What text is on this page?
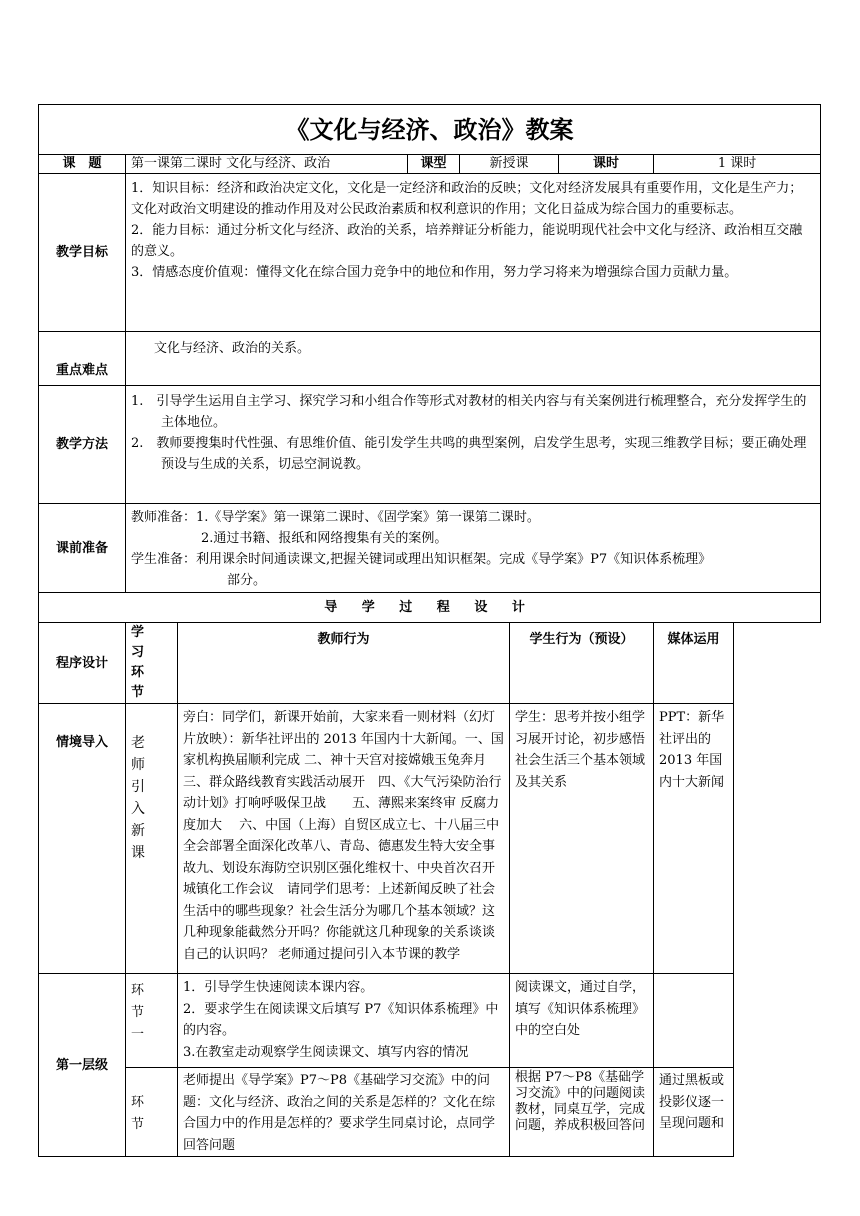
《文化与经济、政治》教案							
课　题	第一课第二课时 文化与经济、政治		课型	新授课		课时	1 课时
教学目标	1．知识目标：经济和政治决定文化，文化是一定经济和政治的反映；文化对经济发展具有重要作用，文化是生产力；文化对政治文明建设的推动作用及对公民政治素质和权利意识的作用；文化日益成为综合国力的重要标志。

2．能力目标：通过分析文化与经济、政治的关系，培养辩证分析能力，能说明现代社会中文化与经济、政治相互交融的意义。

3．情感态度价值观：懂得文化在综合国力竞争中的地位和作用，努力学习将来为增强综合国力贡献力量。						

重点难点	文化与经济、政治的关系。						
教学方法	1.　引导学生运用自主学习、探究学习和小组合作等形式对教材的相关内容与有关案例进行梳理整合，充分发挥学生的主体地位。

2.　教师要搜集时代性强、有思维价值、能引发学生共鸣的典型案例，启发学生思考，实现三维教学目标；要正确处理预设与生成的关系，切忌空洞说教。						

课前准备	教师准备：1.《导学案》第一课第二课时、《固学案》第一课第二课时。

2.通过书籍、报纸和网络搜集有关的案例。

学生准备：利用课余时间通读课文,把握关键词或理出知识框架。完成《导学案》P7《知识体系梳理》

部分。						

导 学 过 程 设 计							
程序设计	学习环节	教师行为			学生行为（预设）		媒体运用
情境导入	老师引入新课	旁白：同学们，新课开始前，大家来看一则材料（幻灯片放映）：新华社评出的 2013 年国内十大新闻。一、国家机构换届顺利完成 二、神十天宫对接嫦娥玉兔奔月　三、群众路线教育实践活动展开　四、《大气污染防治行动计划》打响呼吸保卫战　　五、薄熙来案终审 反腐力度加大　 六、中国（上海）自贸区成立七、十八届三中全会部署全面深化改革八、青岛、德惠发生特大安全事故九、划设东海防空识别区强化维权十、中央首次召开城镇化工作会议　请同学们思考：上述新闻反映了社会生活中的哪些现象？社会生活分为哪几个基本领域？这几种现象能截然分开吗？你能就这几种现象的关系谈谈自己的认识吗？ 老师通过提问引入本节课的教学			学生：思考并按小组学习展开讨论，初步感悟社会生活三个基本领域及其关系		PPT：新华社评出的 2013 年国内十大新闻
第一层级	环节一	1．引导学生快速阅读本课内容。

2．要求学生在阅读课文后填写 P7《知识体系梳理》中的内容。

3.在教室走动观察学生阅读课文、填写内容的情况			阅读课文，通过自学，填写《知识体系梳理》中的空白处		
	环节	老师提出《导学案》P7～P8《基础学习交流》中的问题：文化与经济、政治之间的关系是怎样的？文化在综合国力中的作用是怎样的？要求学生同桌讨论，点同学回答问题			根据 P7～P8《基础学习交流》中的问题阅读教材，同桌互学，完成问题，养成积极回答问		通过黑板或投影仪逐一呈现问题和
